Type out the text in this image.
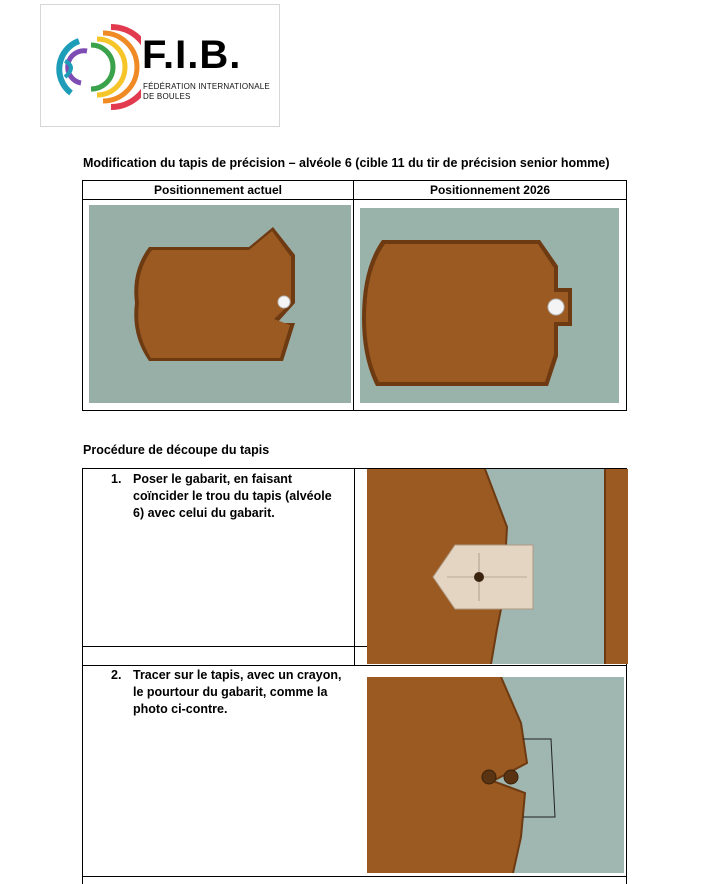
F.I.B.
FÉDÉRATION INTERNATIONALE
DE BOULES
Modification du tapis de précision – alvéole 6 (cible 11 du tir de précision senior homme)
Positionnement actuel	Positionnement 2026
Procédure de découpe du tapis
1. Poser le gabarit, en faisant coïncider le trou du tapis (alvéole 6) avec celui du gabarit.
2. Tracer sur le tapis, avec un crayon, le pourtour du gabarit, comme la photo ci-contre.
